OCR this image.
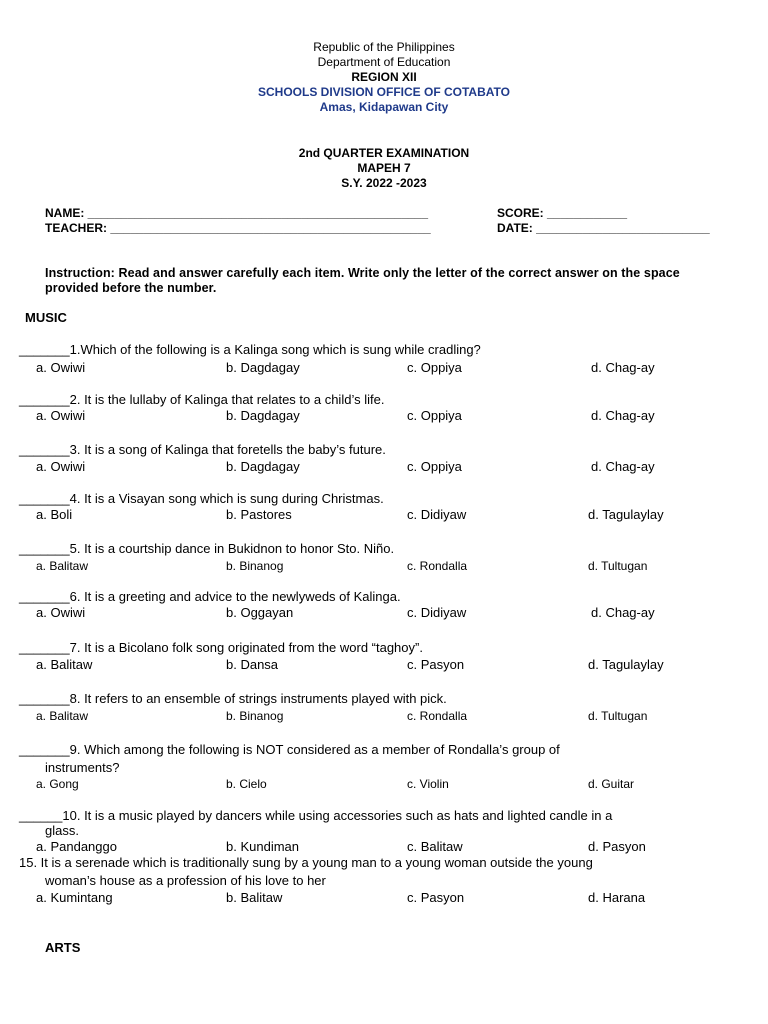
Republic of the Philippines
Department of Education
REGION XII
SCHOOLS DIVISION OFFICE OF COTABATO
Amas, Kidapawan City
2nd QUARTER EXAMINATION
MAPEH 7
S.Y. 2022 -2023
NAME: ___________________________________________________	SCORE: ____________
TEACHER: ________________________________________________	DATE: __________________________
Instruction: Read and answer carefully each item. Write only the letter of the correct answer on the space provided before the number.
MUSIC
_______1.Which of the following is a Kalinga song which is sung while cradling?
a. Owiwi	b. Dagdagay	c. Oppiya	d. Chag-ay
_______2. It is the lullaby of Kalinga that relates to a child’s life.
a. Owiwi	b. Dagdagay	c. Oppiya	d. Chag-ay
_______3. It is a song of Kalinga that foretells the baby’s future.
a. Owiwi	b. Dagdagay	c. Oppiya	d. Chag-ay
_______4. It is a Visayan song which is sung during Christmas.
a. Boli	b. Pastores	c. Didiyaw	d. Tagulaylay
_______5. It is a courtship dance in Bukidnon to honor Sto. Niño.
a. Balitaw	b. Binanog	c. Rondalla	d. Tultugan
_______6. It is a greeting and advice to the newlyweds of Kalinga.
a. Owiwi	b. Oggayan	c. Didiyaw	d. Chag-ay
_______7. It is a Bicolano folk song originated from the word “taghoy”.
a. Balitaw	b. Dansa	c. Pasyon	d. Tagulaylay
_______8. It refers to an ensemble of strings instruments played with pick.
a. Balitaw	b. Binanog	c. Rondalla	d. Tultugan
_______9. Which among the following is NOT considered as a member of Rondalla’s group of
instruments?
a. Gong	b. Cielo	c. Violin	d. Guitar
______10. It is a music played by dancers while using accessories such as hats and lighted candle in a
glass.
a. Pandanggo	b. Kundiman	c. Balitaw	d. Pasyon
15. It is a serenade which is traditionally sung by a young man to a young woman outside the young
woman’s house as a profession of his love to her
a. Kumintang	b. Balitaw	c. Pasyon	d. Harana
ARTS
